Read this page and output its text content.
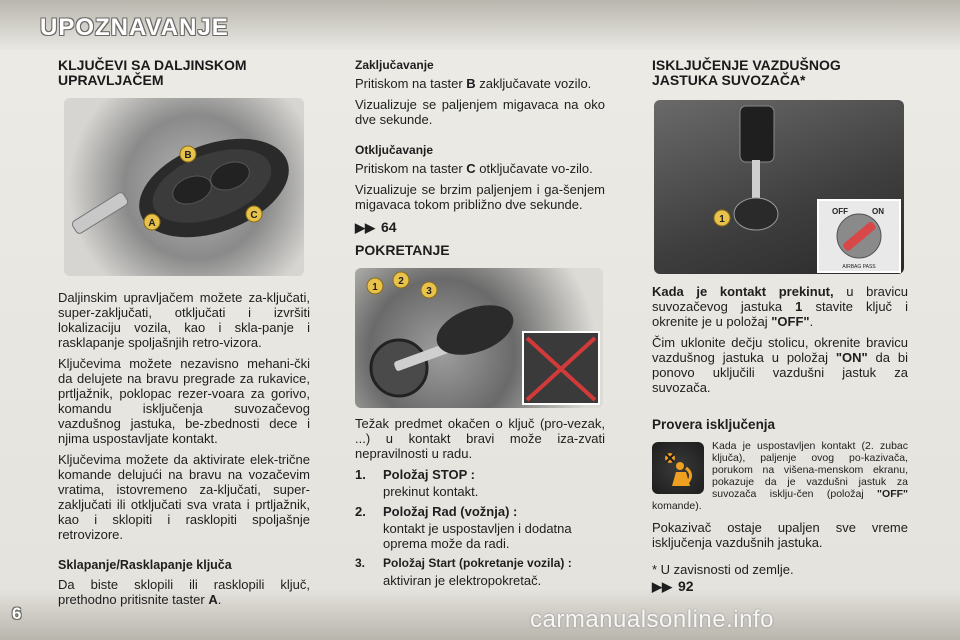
UPOZNAVANJE
KLJUČEVI SA DALJINSKOM
UPRAVLJAČEM
B
A
C

Daljinskim upravljačem možete za-ključati, super-zaključati, otključati i izvršiti lokalizaciju vozila, kao i skla-panje i rasklapanje spoljašnjih retro-vizora.

Ključevima možete nezavisno mehani-čki da delujete na bravu pregrade za rukavice, prtljažnik, poklopac rezer-voara za gorivo, komandu isključenja suvozačevog vazdušnog jastuka, be-zbednosti dece i njima uspostavljate kontakt.

Ključevima možete da aktivirate elek-trične komande delujući na bravu na vozačevim vratima, istovremeno za-ključati, super-zaključati ili otključati sva vrata i prtljažnik, kao i sklopiti i rasklopiti spoljašnje retrovizore.

Sklapanje/Rasklapanje ključa

Da biste sklopili ili rasklopili ključ, prethodno pritisnite taster A.

Zaključavanje

Pritiskom na taster B zaključavate vozilo.

Vizualizuje se paljenjem migavaca na oko dve sekunde.

Otključavanje

Pritiskom na taster C otključavate vo-zilo.

Vizualizuje se brzim paljenjem i ga-šenjem migavaca tokom približno dve sekunde.

▶▶ 64
POKRETANJE
1
2
3

Težak predmet okačen o ključ (pro-vezak, ...) u kontakt bravi može iza-zvati nepravilnosti u radu.

1.	Položaj STOP :
prekinut kontakt.
2.	Položaj Rad (vožnja) :
kontakt je uspostavljen i dodatna oprema može da radi.
3.	Položaj Start (pokretanje vozila) :
aktiviran je elektropokretač.
ISKLJUČENJE VAZDUŠNOG
JASTUKA SUVOZAČA*
1
OFF	ON
AIRBAG PASS

Kada je kontakt prekinut, u bravicu suvozačevog jastuka 1 stavite ključ i okrenite je u položaj "OFF".

Čim uklonite dečju stolicu, okrenite bravicu vazdušnog jastuka u položaj "ON" da bi ponovo uključili vazdušni jastuk za suvozača.

Provera isključenja
Kada je uspostavljen kontakt (2. zubac ključa), paljenje ovog po-kazivača, porukom na višena-menskom ekranu, pokazuje da je vazdušni jastuk za suvozača isklju-čen (položaj "OFF" komande).

Pokazivač ostaje upaljen sve vreme isključenja vazdušnih jastuka.

* U zavisnosti od zemlje.
▶▶ 92
6	carmanualsonline.info
